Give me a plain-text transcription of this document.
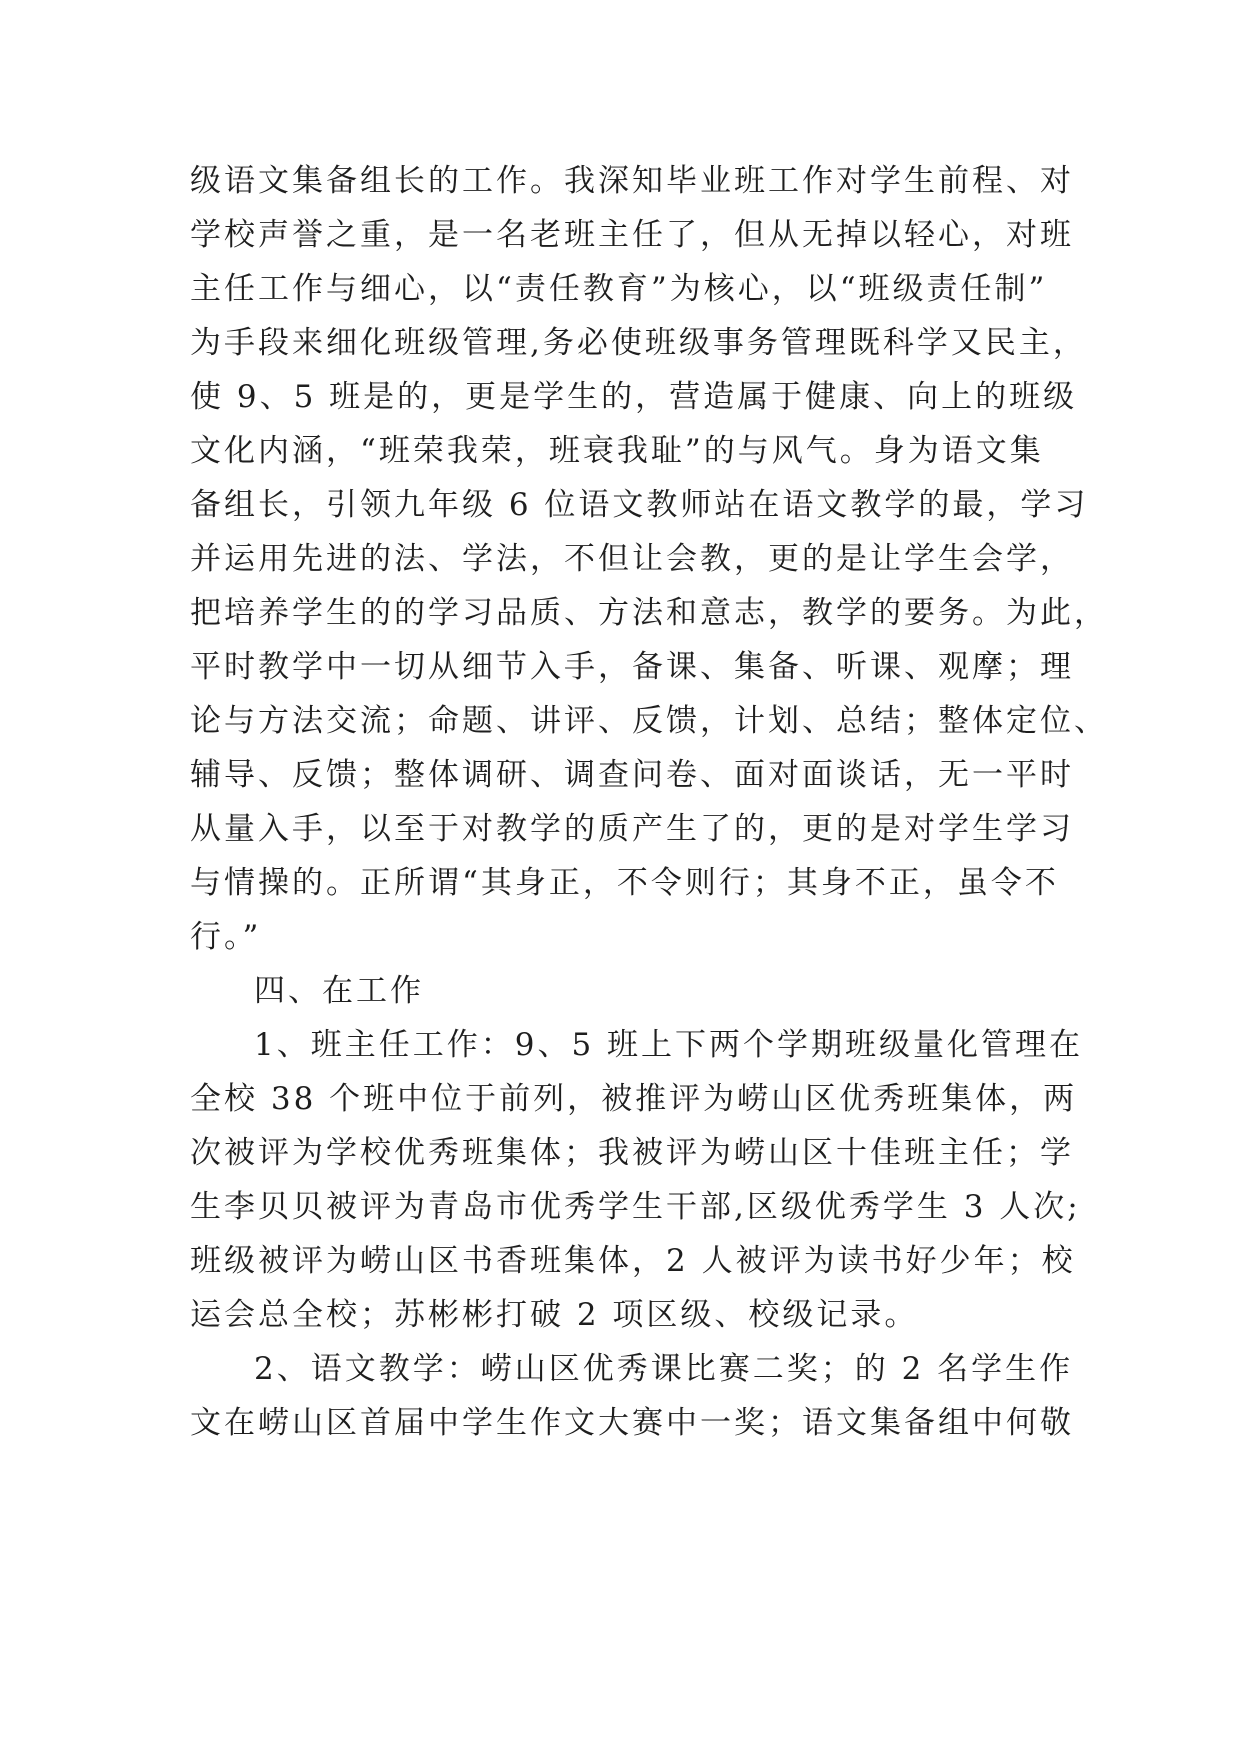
级语文集备组长的工作。我深知毕业班工作对学生前程、对
学校声誉之重，是一名老班主任了，但从无掉以轻心，对班
主任工作与细心，以“责任教育”为核心，以“班级责任制”
为手段来细化班级管理,务必使班级事务管理既科学又民主，
使 9、5 班是的，更是学生的，营造属于健康、向上的班级
文化内涵，“班荣我荣，班衰我耻”的与风气。身为语文集
备组长，引领九年级 6 位语文教师站在语文教学的最，学习
并运用先进的法、学法，不但让会教，更的是让学生会学，
把培养学生的的学习品质、方法和意志，教学的要务。为此，
平时教学中一切从细节入手，备课、集备、听课、观摩；理
论与方法交流；命题、讲评、反馈，计划、总结；整体定位、
辅导、反馈；整体调研、调查问卷、面对面谈话，无一平时
从量入手，以至于对教学的质产生了的，更的是对学生学习
与情操的。正所谓“其身正，不令则行；其身不正，虽令不
行。”
四、在工作
1、班主任工作：9、5 班上下两个学期班级量化管理在
全校 38 个班中位于前列，被推评为崂山区优秀班集体，两
次被评为学校优秀班集体；我被评为崂山区十佳班主任；学
生李贝贝被评为青岛市优秀学生干部,区级优秀学生 3 人次;
班级被评为崂山区书香班集体，2 人被评为读书好少年；校
运会总全校；苏彬彬打破 2 项区级、校级记录。
2、语文教学：崂山区优秀课比赛二奖；的 2 名学生作
文在崂山区首届中学生作文大赛中一奖；语文集备组中何敬
